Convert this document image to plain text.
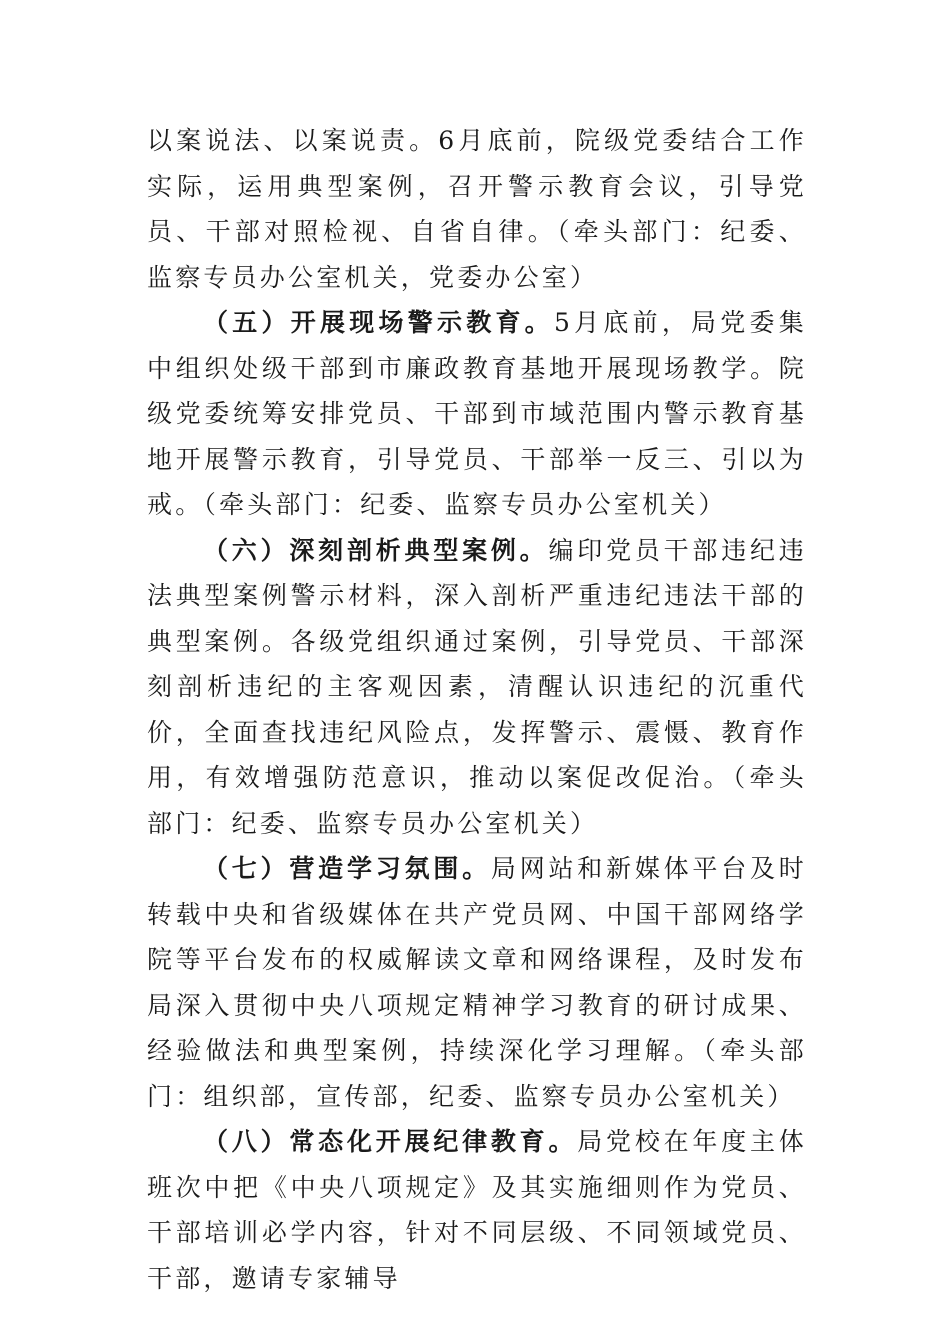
以案说法、以案说责。6月底前，院级党委结合工作实际，运用典型案例，召开警示教育会议，引导党员、干部对照检视、自省自律。（牵头部门：纪委、监察专员办公室机关，党委办公室）

（五）开展现场警示教育。5月底前，局党委集中组织处级干部到市廉政教育基地开展现场教学。院级党委统筹安排党员、干部到市域范围内警示教育基地开展警示教育，引导党员、干部举一反三、引以为戒。（牵头部门：纪委、监察专员办公室机关）

（六）深刻剖析典型案例。编印党员干部违纪违法典型案例警示材料，深入剖析严重违纪违法干部的典型案例。各级党组织通过案例，引导党员、干部深刻剖析违纪的主客观因素，清醒认识违纪的沉重代价，全面查找违纪风险点，发挥警示、震慑、教育作用，有效增强防范意识，推动以案促改促治。（牵头部门：纪委、监察专员办公室机关）

（七）营造学习氛围。局网站和新媒体平台及时转载中央和省级媒体在共产党员网、中国干部网络学院等平台发布的权威解读文章和网络课程，及时发布局深入贯彻中央八项规定精神学习教育的研讨成果、经验做法和典型案例，持续深化学习理解。（牵头部门：组织部，宣传部，纪委、监察专员办公室机关）

（八）常态化开展纪律教育。局党校在年度主体班次中把《中央八项规定》及其实施细则作为党员、干部培训必学内容，针对不同层级、不同领域党员、干部，邀请专家辅导
